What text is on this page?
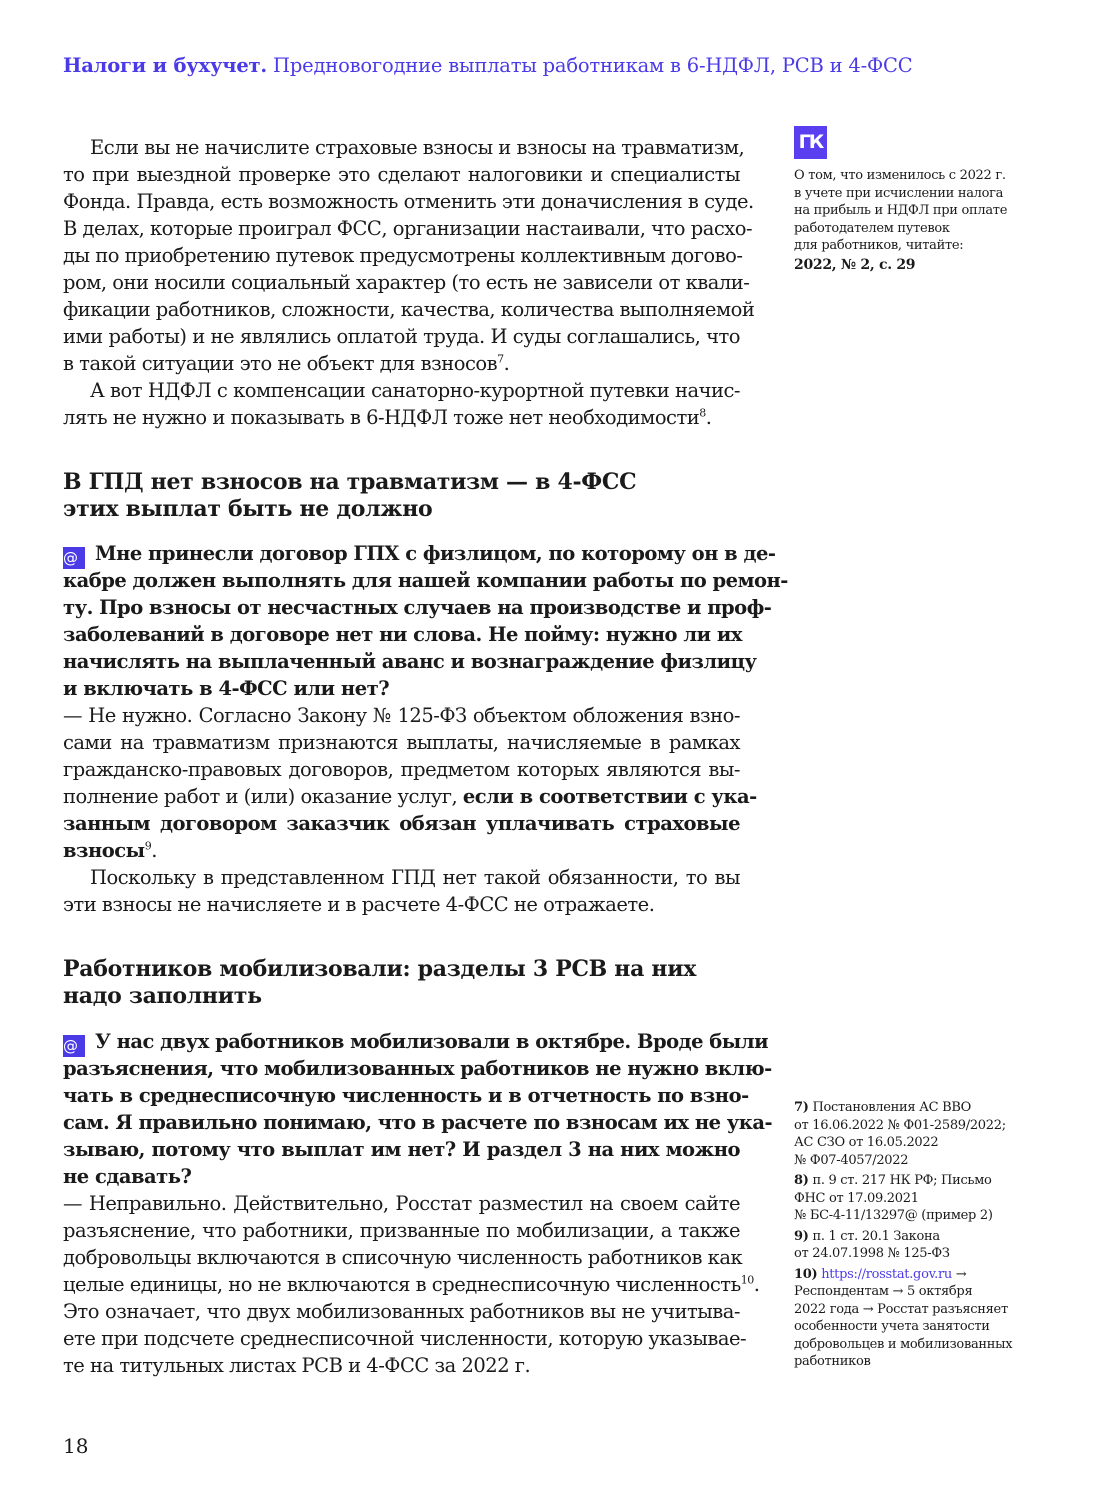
Налоги и бухучет. Предновогодние выплаты работникам в 6-НДФЛ, РСВ и 4-ФСС
ГК
О том, что изменилось с 2022 г.
в учете при исчислении налога
на прибыль и НДФЛ при оплате
работодателем путевок
для работников, читайте:
2022, № 2, с. 29
Если вы не начислите страховые взносы и взносы на травматизм,
то при выездной проверке это сделают налоговики и специалисты
Фонда. Правда, есть возможность отменить эти доначисления в суде.
В делах, которые проиграл ФСС, организации настаивали, что расхо-
ды по приобретению путевок предусмотрены коллективным догово-
ром, они носили социальный характер (то есть не зависели от квали-
фикации работников, сложности, качества, количества выполняемой
ими работы) и не являлись оплатой труда. И суды соглашались, что
в такой ситуации это не объект для взносов$^7$.
А вот НДФЛ с компенсации санаторно-курортной путевки начис-
лять не нужно и показывать в 6-НДФЛ тоже нет необходимости$^8$.
В ГПД нет взносов на травматизм — в 4-ФСС
этих выплат быть не должно
@ Мне принесли договор ГПХ с физлицом, по которому он в де-
кабре должен выполнять для нашей компании работы по ремон-
ту. Про взносы от несчастных случаев на производстве и проф-
заболеваний в договоре нет ни слова. Не пойму: нужно ли их
начислять на выплаченный аванс и вознаграждение физлицу
и включать в 4-ФСС или нет?
— Не нужно. Согласно Закону № 125-ФЗ объектом обложения взно-
сами на травматизм признаются выплаты, начисляемые в рамках
гражданско-правовых договоров, предметом которых являются вы-
полнение работ и (или) оказание услуг, если в соответствии с ука-
занным договором заказчик обязан уплачивать страховые
взносы$^9$.
Поскольку в представленном ГПД нет такой обязанности, то вы
эти взносы не начисляете и в расчете 4-ФСС не отражаете.
Работников мобилизовали: разделы 3 РСВ на них
надо заполнить
@ У нас двух работников мобилизовали в октябре. Вроде были
разъяснения, что мобилизованных работников не нужно вклю-
чать в среднесписочную численность и в отчетность по взно-
сам. Я правильно понимаю, что в расчете по взносам их не ука-
зываю, потому что выплат им нет? И раздел 3 на них можно
не сдавать?
— Неправильно. Действительно, Росстат разместил на своем сайте
разъяснение, что работники, призванные по мобилизации, а также
добровольцы включаются в списочную численность работников как
целые единицы, но не включаются в среднесписочную численность$^{10}$.
Это означает, что двух мобилизованных работников вы не учитыва-
ете при подсчете среднесписочной численности, которую указывае-
те на титульных листах РСВ и 4-ФСС за 2022 г.

7) Постановления АС ВВО
от 16.06.2022 № Ф01-2589/2022;
АС СЗО от 16.05.2022
№ Ф07-4057/2022

8) п. 9 ст. 217 НК РФ; Письмо
ФНС от 17.09.2021
№ БС-4-11/13297@ (пример 2)

9) п. 1 ст. 20.1 Закона
от 24.07.1998 № 125-ФЗ

10) https://rosstat.gov.ru →
Респондентам → 5 октября
2022 года → Росстат разъясняет
особенности учета занятости
добровольцев и мобилизованных
работников

18
